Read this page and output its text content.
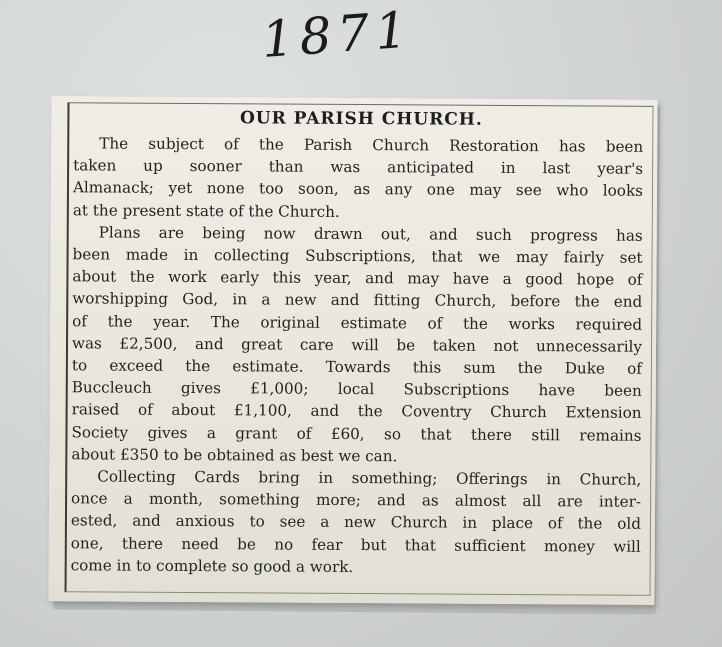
1871
OUR PARISH CHURCH.

The subject of the Parish Church Restoration has been
taken up sooner than was anticipated in last year's
Almanack; yet none too soon, as any one may see who looks
at the present state of the Church.

Plans are being now drawn out, and such progress has
been made in collecting Subscriptions, that we may fairly set
about the work early this year, and may have a good hope of
worshipping God, in a new and fitting Church, before the end
of the year. The original estimate of the works required
was £2,500, and great care will be taken not unnecessarily
to exceed the estimate. Towards this sum the Duke of
Buccleuch gives £1,000; local Subscriptions have been
raised of about £1,100, and the Coventry Church Extension
Society gives a grant of £60, so that there still remains
about £350 to be obtained as best we can.

Collecting Cards bring in something; Offerings in Church,
once a month, something more; and as almost all are inter-
ested, and anxious to see a new Church in place of the old
one, there need be no fear but that sufficient money will
come in to complete so good a work.
